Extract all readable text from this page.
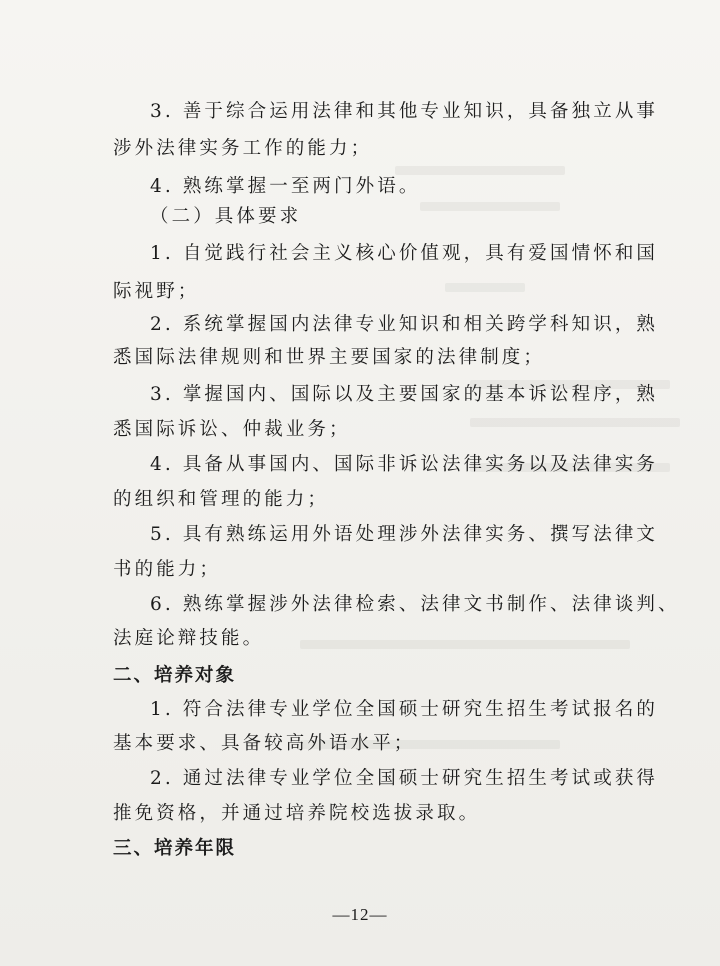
3. 善于综合运用法律和其他专业知识，具备独立从事
涉外法律实务工作的能力；
4. 熟练掌握一至两门外语。
（二）具体要求
1. 自觉践行社会主义核心价值观，具有爱国情怀和国
际视野；
2. 系统掌握国内法律专业知识和相关跨学科知识，熟
悉国际法律规则和世界主要国家的法律制度；
3. 掌握国内、国际以及主要国家的基本诉讼程序，熟
悉国际诉讼、仲裁业务；
4. 具备从事国内、国际非诉讼法律实务以及法律实务
的组织和管理的能力；
5. 具有熟练运用外语处理涉外法律实务、撰写法律文
书的能力；
6. 熟练掌握涉外法律检索、法律文书制作、法律谈判、
法庭论辩技能。
二、培养对象
1. 符合法律专业学位全国硕士研究生招生考试报名的
基本要求、具备较高外语水平；
2. 通过法律专业学位全国硕士研究生招生考试或获得
推免资格，并通过培养院校选拔录取。
三、培养年限
—12—
